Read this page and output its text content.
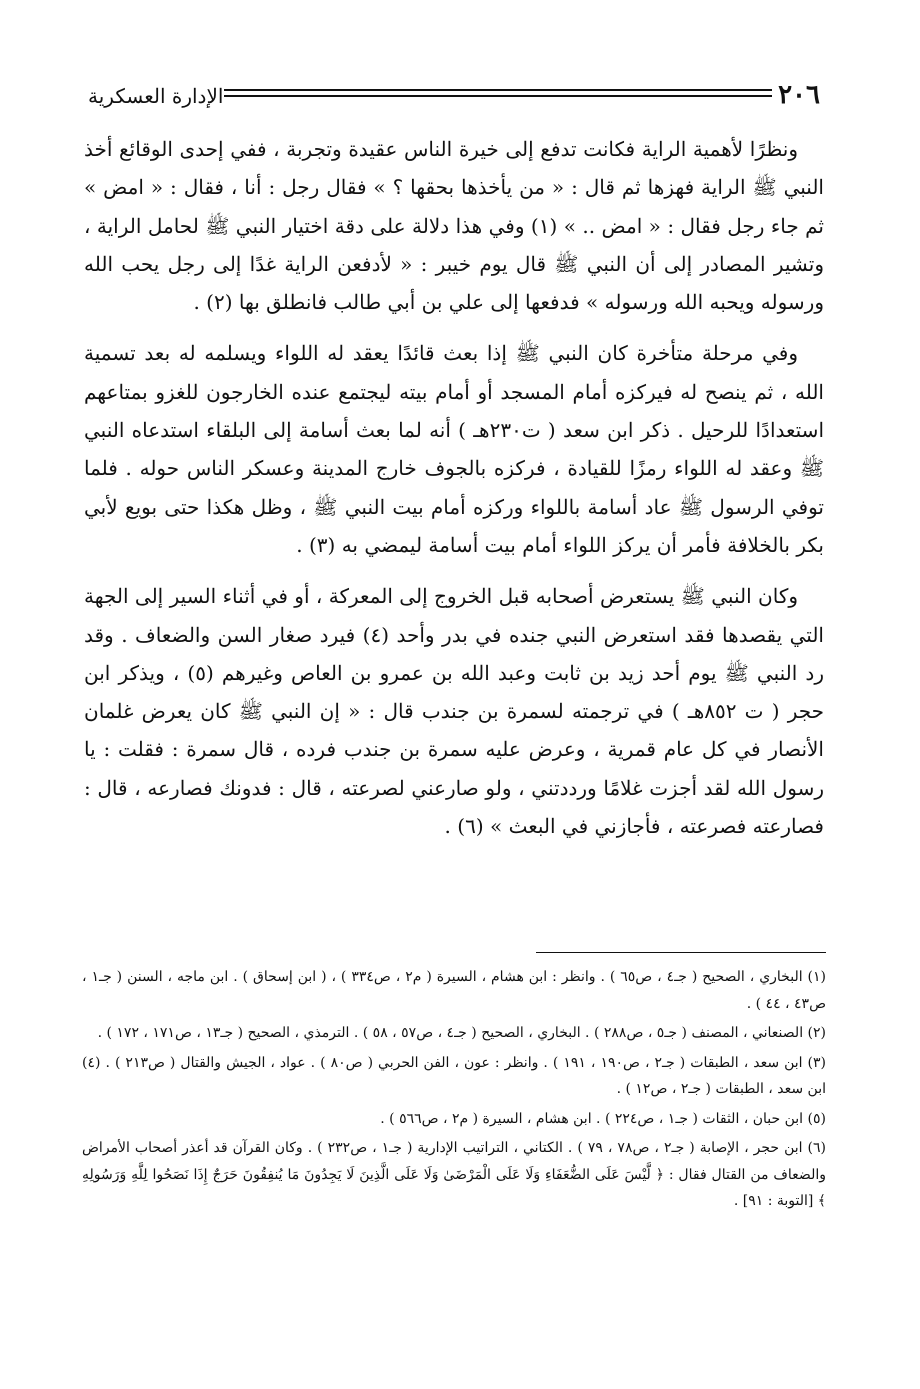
٢٠٦
الإدارة العسكرية

ونظرًا لأهمية الراية فكانت تدفع إلى خيرة الناس عقيدة وتجربة ، ففي إحدى الوقائع أخذ النبي ﷺ الراية فهزها ثم قال : « من يأخذها بحقها ؟ » فقال رجل : أنا ، فقال : « امض » ثم جاء رجل فقال : « امض .. » (١) وفي هذا دلالة على دقة اختيار النبي ﷺ لحامل الراية ، وتشير المصادر إلى أن النبي ﷺ قال يوم خيبر : « لأدفعن الراية غدًا إلى رجل يحب الله ورسوله ويحبه الله ورسوله » فدفعها إلى علي بن أبي طالب فانطلق بها (٢) .

وفي مرحلة متأخرة كان النبي ﷺ إذا بعث قائدًا يعقد له اللواء ويسلمه له بعد تسمية الله ، ثم ينصح له فيركزه أمام المسجد أو أمام بيته ليجتمع عنده الخارجون للغزو بمتاعهم استعدادًا للرحيل . ذكر ابن سعد ( ت٢٣٠هـ ) أنه لما بعث أسامة إلى البلقاء استدعاه النبي ﷺ وعقد له اللواء رمزًا للقيادة ، فركزه بالجوف خارج المدينة وعسكر الناس حوله . فلما توفي الرسول ﷺ عاد أسامة باللواء وركزه أمام بيت النبي ﷺ ، وظل هكذا حتى بويع لأبي بكر بالخلافة فأمر أن يركز اللواء أمام بيت أسامة ليمضي به (٣) .

وكان النبي ﷺ يستعرض أصحابه قبل الخروج إلى المعركة ، أو في أثناء السير إلى الجهة التي يقصدها فقد استعرض النبي جنده في بدر وأحد (٤) فيرد صغار السن والضعاف . وقد رد النبي ﷺ يوم أحد زيد بن ثابت وعبد الله بن عمرو بن العاص وغيرهم (٥) ، ويذكر ابن حجر ( ت ٨٥٢هـ ) في ترجمته لسمرة بن جندب قال : « إن النبي ﷺ كان يعرض غلمان الأنصار في كل عام قمرية ، وعرض عليه سمرة بن جندب فرده ، قال سمرة : فقلت : يا رسول الله لقد أجزت غلامًا ورددتني ، ولو صارعني لصرعته ، قال : فدونك فصارعه ، قال : فصارعته فصرعته ، فأجازني في البعث » (٦) .

(١) البخاري ، الصحيح ( جـ٤ ، ص٦٥ ) . وانظر : ابن هشام ، السيرة ( م٢ ، ص٣٣٤ ) ، ( ابن إسحاق ) . ابن ماجه ، السنن ( جـ١ ، ص٤٣ ، ٤٤ ) .

(٢) الصنعاني ، المصنف ( جـ٥ ، ص٢٨٨ ) . البخاري ، الصحيح ( جـ٤ ، ص٥٧ ، ٥٨ ) . الترمذي ، الصحيح ( جـ١٣ ، ص١٧١ ، ١٧٢ ) .

(٣) ابن سعد ، الطبقات ( جـ٢ ، ص١٩٠ ، ١٩١ ) . وانظر : عون ، الفن الحربي ( ص٨٠ ) . عواد ، الجيش والقتال ( ص٢١٣ ) . (٤) ابن سعد ، الطبقات ( جـ٢ ، ص١٢ ) .

(٥) ابن حبان ، الثقات ( جـ١ ، ص٢٢٤ ) . ابن هشام ، السيرة ( م٢ ، ص٥٦٦ ) .

(٦) ابن حجر ، الإصابة ( جـ٢ ، ص٧٨ ، ٧٩ ) . الكتاني ، التراتيب الإدارية ( جـ١ ، ص٢٣٢ ) . وكان القرآن قد أعذر أصحاب الأمراض والضعاف من القتال فقال : ﴿ لَّيْسَ عَلَى الضُّعَفَاءِ وَلَا عَلَى الْمَرْضَىٰ وَلَا عَلَى الَّذِينَ لَا يَجِدُونَ مَا يُنفِقُونَ حَرَجٌ إِذَا نَصَحُوا لِلَّهِ وَرَسُولِهِ ﴾ [التوبة : ٩١] .
